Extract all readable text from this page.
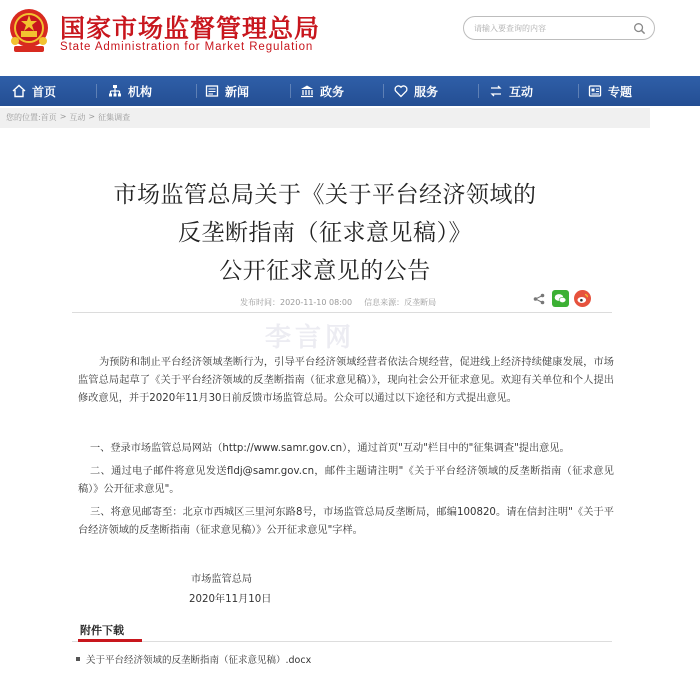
国家市场监督管理总局
State Administration for Market Regulation
请输入要查询的内容
首页	机构	新闻	政务	服务	互动	专题
您的位置:首页 > 互动 > 征集调查
市场监管总局关于《关于平台经济领域的
反垄断指南（征求意见稿）》
公开征求意见的公告
发布时间：2020-11-10 08:00 信息来源：反垄断局
李言网
为预防和制止平台经济领域垄断行为，引导平台经济领域经营者依法合规经营，促进线上经济持续健康发展，市场监管总局起草了《关于平台经济领域的反垄断指南（征求意见稿）》，现向社会公开征求意见。欢迎有关单位和个人提出修改意见，并于2020年11月30日前反馈市场监管总局。公众可以通过以下途径和方式提出意见。
一、登录市场监管总局网站（http://www.samr.gov.cn），通过首页"互动"栏目中的"征集调查"提出意见。
二、通过电子邮件将意见发送fldj@samr.gov.cn，邮件主题请注明"《关于平台经济领域的反垄断指南（征求意见稿）》公开征求意见"。
三、将意见邮寄至：北京市西城区三里河东路8号，市场监管总局反垄断局，邮编100820。请在信封注明"《关于平台经济领域的反垄断指南（征求意见稿）》公开征求意见"字样。
市场监管总局
2020年11月10日
附件下载
关于平台经济领域的反垄断指南（征求意见稿）.docx
